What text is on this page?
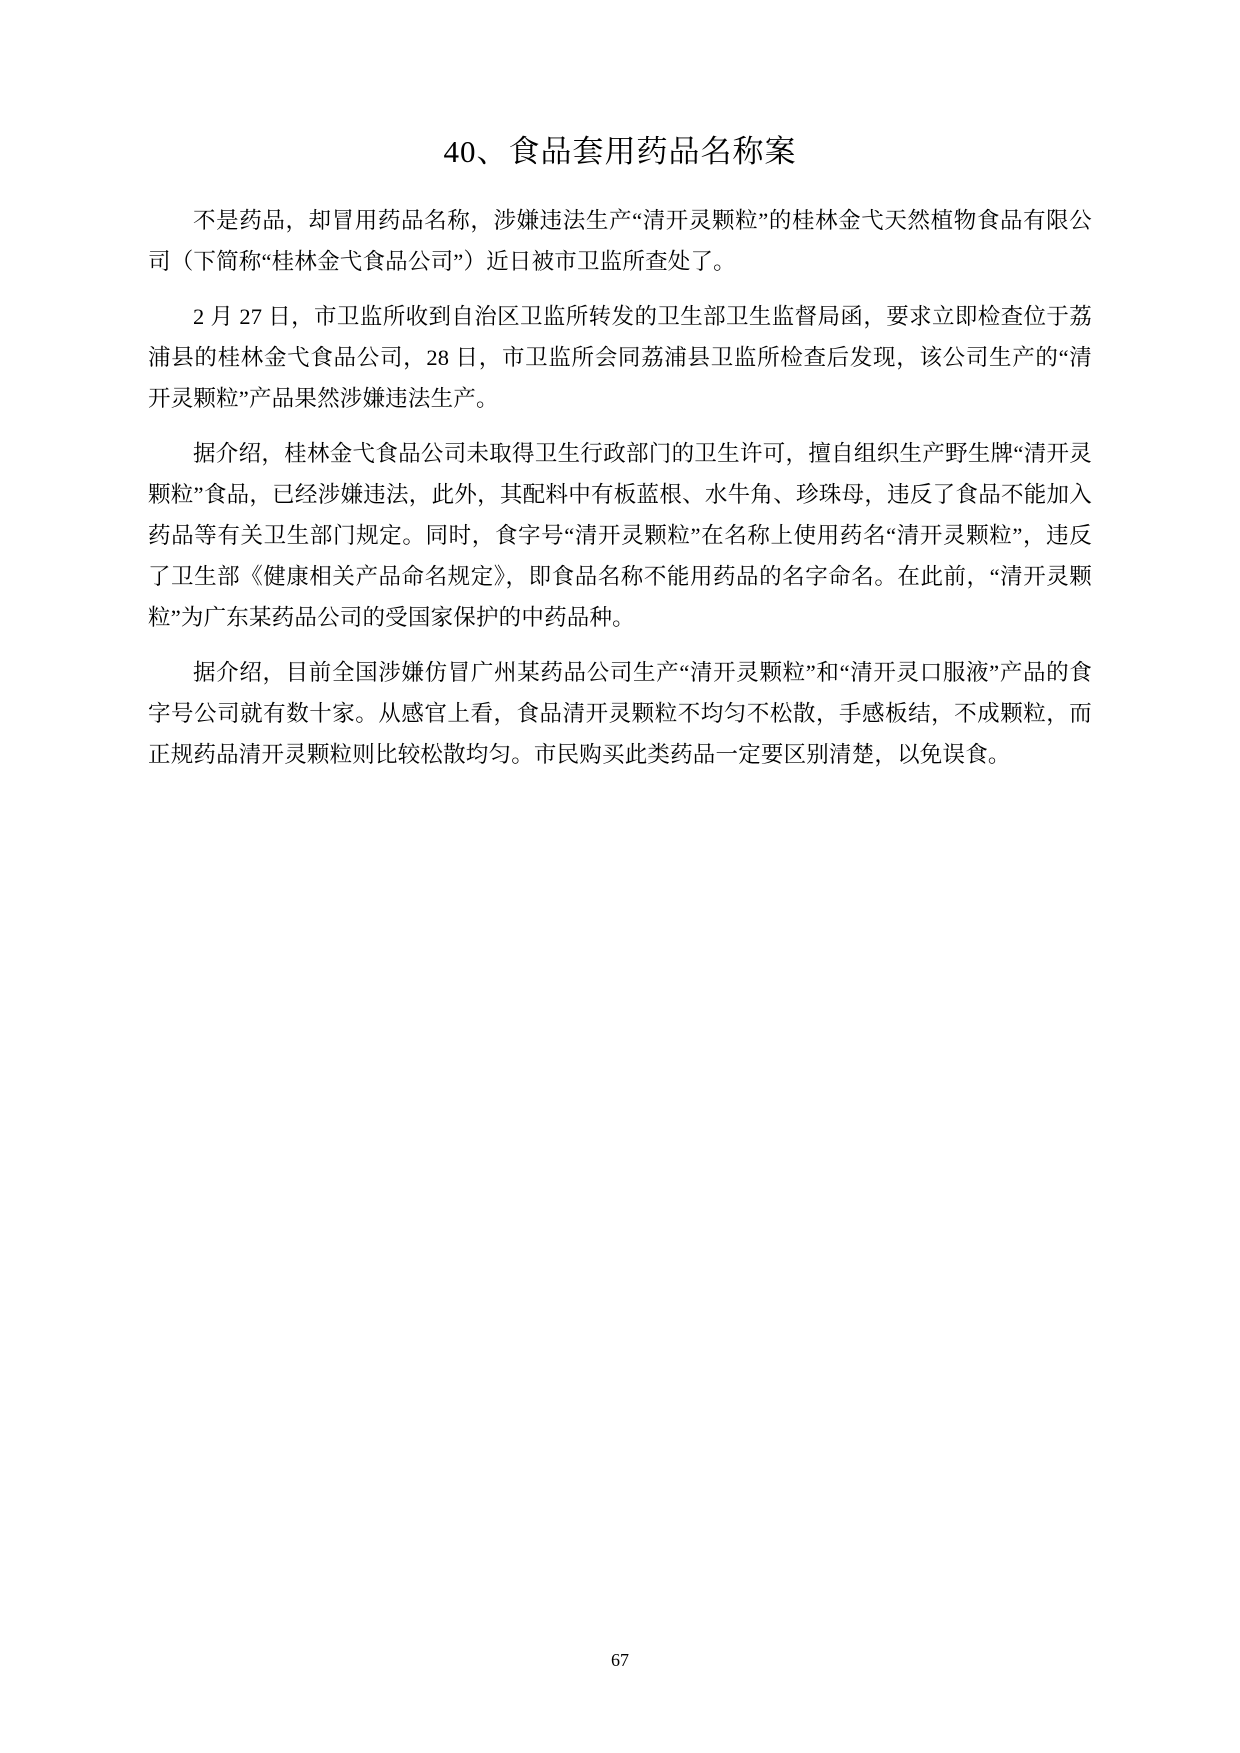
40、食品套用药品名称案

不是药品，却冒用药品名称，涉嫌违法生产“清开灵颗粒”的桂林金弋天然植物食品有限公司（下简称“桂林金弋食品公司”）近日被市卫监所查处了。

2 月 27 日，市卫监所收到自治区卫监所转发的卫生部卫生监督局函，要求立即检查位于荔浦县的桂林金弋食品公司，28 日，市卫监所会同荔浦县卫监所检查后发现，该公司生产的“清开灵颗粒”产品果然涉嫌违法生产。

据介绍，桂林金弋食品公司未取得卫生行政部门的卫生许可，擅自组织生产野生牌“清开灵颗粒”食品，已经涉嫌违法，此外，其配料中有板蓝根、水牛角、珍珠母，违反了食品不能加入药品等有关卫生部门规定。同时，食字号“清开灵颗粒”在名称上使用药名“清开灵颗粒”，违反了卫生部《健康相关产品命名规定》，即食品名称不能用药品的名字命名。在此前，“清开灵颗粒”为广东某药品公司的受国家保护的中药品种。

据介绍，目前全国涉嫌仿冒广州某药品公司生产“清开灵颗粒”和“清开灵口服液”产品的食字号公司就有数十家。从感官上看，食品清开灵颗粒不均匀不松散，手感板结，不成颗粒，而正规药品清开灵颗粒则比较松散均匀。市民购买此类药品一定要区别清楚，以免误食。

67
